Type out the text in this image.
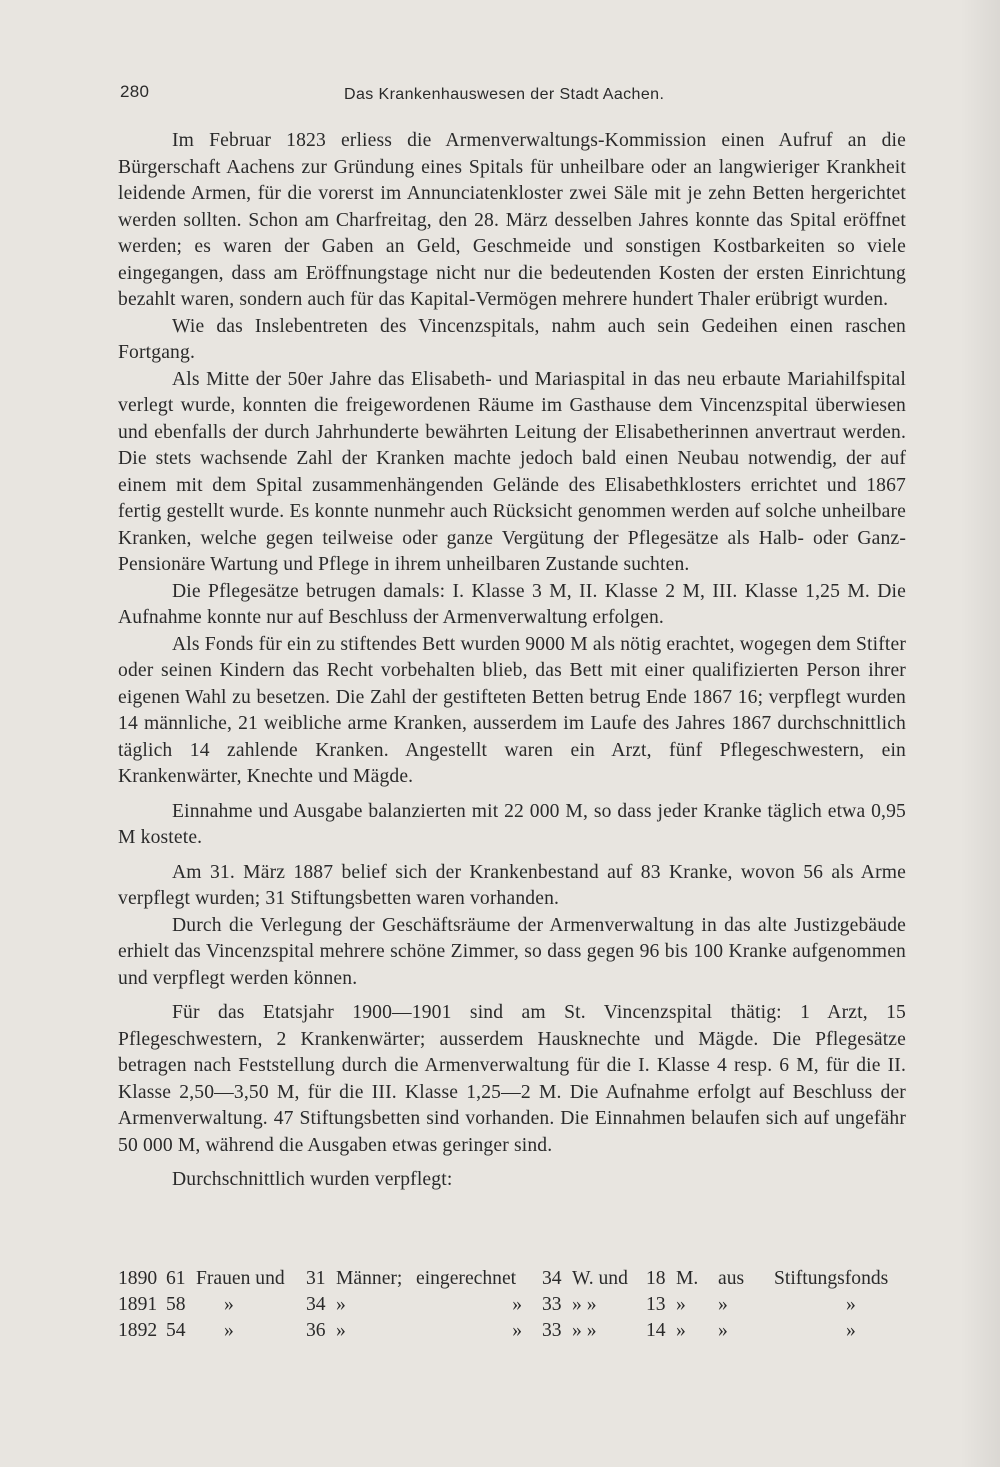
280	Das Krankenhauswesen der Stadt Aachen.

Im Februar 1823 erliess die Armenverwaltungs-Kommission einen Aufruf an die Bürgerschaft Aachens zur Gründung eines Spitals für unheilbare oder an langwieriger Krankheit leidende Armen, für die vorerst im Annunciatenkloster zwei Säle mit je zehn Betten hergerichtet werden sollten. Schon am Charfreitag, den 28. März desselben Jahres konnte das Spital eröffnet werden; es waren der Gaben an Geld, Geschmeide und sonstigen Kostbarkeiten so viele eingegangen, dass am Eröffnungstage nicht nur die bedeutenden Kosten der ersten Einrichtung bezahlt waren, sondern auch für das Kapital-Vermögen mehrere hundert Thaler erübrigt wurden.

Wie das Inslebentreten des Vincenzspitals, nahm auch sein Gedeihen einen raschen Fortgang.

Als Mitte der 50er Jahre das Elisabeth- und Mariaspital in das neu erbaute Mariahilfspital verlegt wurde, konnten die freigewordenen Räume im Gasthause dem Vincenzspital überwiesen und ebenfalls der durch Jahrhunderte bewährten Leitung der Elisabetherinnen anvertraut werden. Die stets wachsende Zahl der Kranken machte jedoch bald einen Neubau notwendig, der auf einem mit dem Spital zusammenhängenden Gelände des Elisabethklosters errichtet und 1867 fertig gestellt wurde. Es konnte nunmehr auch Rücksicht genommen werden auf solche unheilbare Kranken, welche gegen teilweise oder ganze Vergütung der Pflegesätze als Halb- oder Ganz-Pensionäre Wartung und Pflege in ihrem unheilbaren Zustande suchten.

Die Pflegesätze betrugen damals: I. Klasse 3 M, II. Klasse 2 M, III. Klasse 1,25 M. Die Aufnahme konnte nur auf Beschluss der Armenverwaltung erfolgen.

Als Fonds für ein zu stiftendes Bett wurden 9000 M als nötig erachtet, wogegen dem Stifter oder seinen Kindern das Recht vorbehalten blieb, das Bett mit einer qualifizierten Person ihrer eigenen Wahl zu besetzen. Die Zahl der gestifteten Betten betrug Ende 1867 16; verpflegt wurden 14 männliche, 21 weibliche arme Kranken, ausserdem im Laufe des Jahres 1867 durchschnittlich täglich 14 zahlende Kranken. Angestellt waren ein Arzt, fünf Pflegeschwestern, ein Krankenwärter, Knechte und Mägde.

Einnahme und Ausgabe balanzierten mit 22 000 M, so dass jeder Kranke täglich etwa 0,95 M kostete.

Am 31. März 1887 belief sich der Krankenbestand auf 83 Kranke, wovon 56 als Arme verpflegt wurden; 31 Stiftungsbetten waren vorhanden.

Durch die Verlegung der Geschäftsräume der Armenverwaltung in das alte Justizgebäude erhielt das Vincenzspital mehrere schöne Zimmer, so dass gegen 96 bis 100 Kranke aufgenommen und verpflegt werden können.

Für das Etatsjahr 1900—1901 sind am St. Vincenzspital thätig: 1 Arzt, 15 Pflegeschwestern, 2 Krankenwärter; ausserdem Hausknechte und Mägde. Die Pflegesätze betragen nach Feststellung durch die Armenverwaltung für die I. Klasse 4 resp. 6 M, für die II. Klasse 2,50—3,50 M, für die III. Klasse 1,25—2 M. Die Aufnahme erfolgt auf Beschluss der Armenverwaltung. 47 Stiftungsbetten sind vorhanden. Die Einnahmen belaufen sich auf ungefähr 50 000 M, während die Ausgaben etwas geringer sind.

Durchschnittlich wurden verpflegt:

1890	61	Frauen und	31	Männer;	eingerechnet	34	W. und	18	M.	aus	Stiftungsfonds
1891	58	»	34	»	»	33	» »	13	»	»	»
1892	54	»	36	»	»	33	» »	14	»	»	»
